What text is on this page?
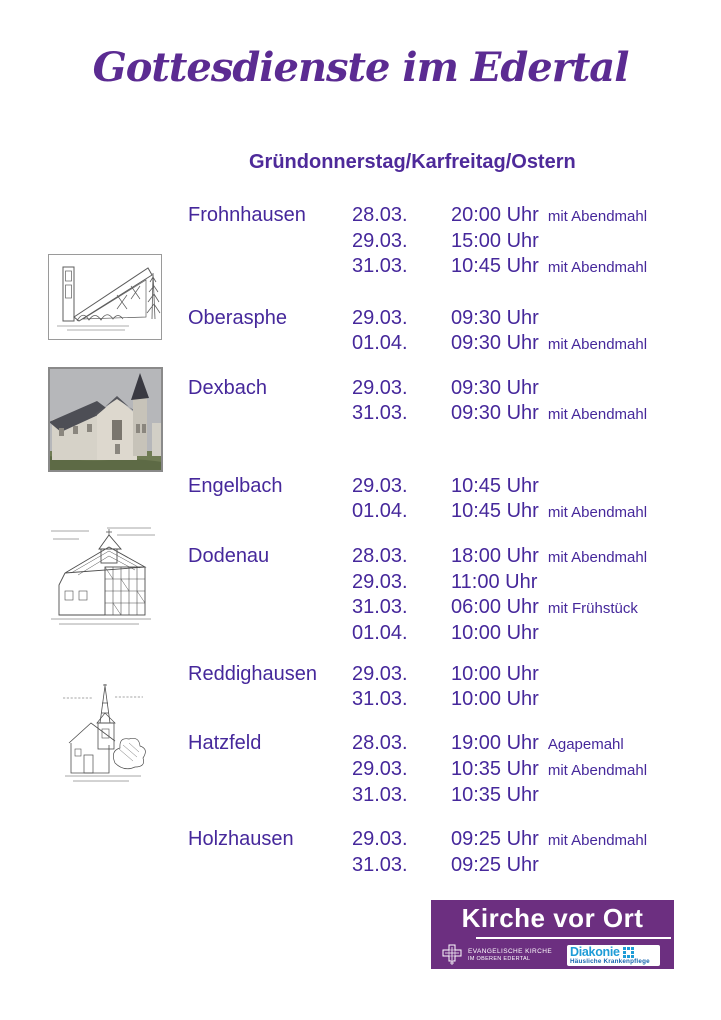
Gottesdienste im Edertal
Gründonnerstag/Karfreitag/Ostern
Frohnhausen	28.03.	20:00 Uhr mit Abendmahl
29.03.	15:00 Uhr
31.03.	10:45 Uhr mit Abendmahl
Oberasphe	29.03.	09:30 Uhr
01.04.	09:30 Uhr mit Abendmahl
Dexbach	29.03.	09:30 Uhr
31.03.	09:30 Uhr mit Abendmahl
Engelbach	29.03.	10:45 Uhr
01.04.	10:45 Uhr mit Abendmahl
Dodenau	28.03.	18:00 Uhr mit Abendmahl
29.03.	11:00 Uhr
31.03.	06:00 Uhr mit Frühstück
01.04.	10:00 Uhr
Reddighausen	29.03.	10:00 Uhr
31.03.	10:00 Uhr
Hatzfeld	28.03.	19:00 Uhr Agapemahl
29.03.	10:35 Uhr mit Abendmahl
31.03.	10:35 Uhr
Holzhausen	29.03.	09:25 Uhr mit Abendmahl
31.03.	09:25 Uhr
Kirche vor Ort
EVANGELISCHE KIRCHE
IM OBEREN EDERTAL	Diakonie
Häusliche Krankenpflege
